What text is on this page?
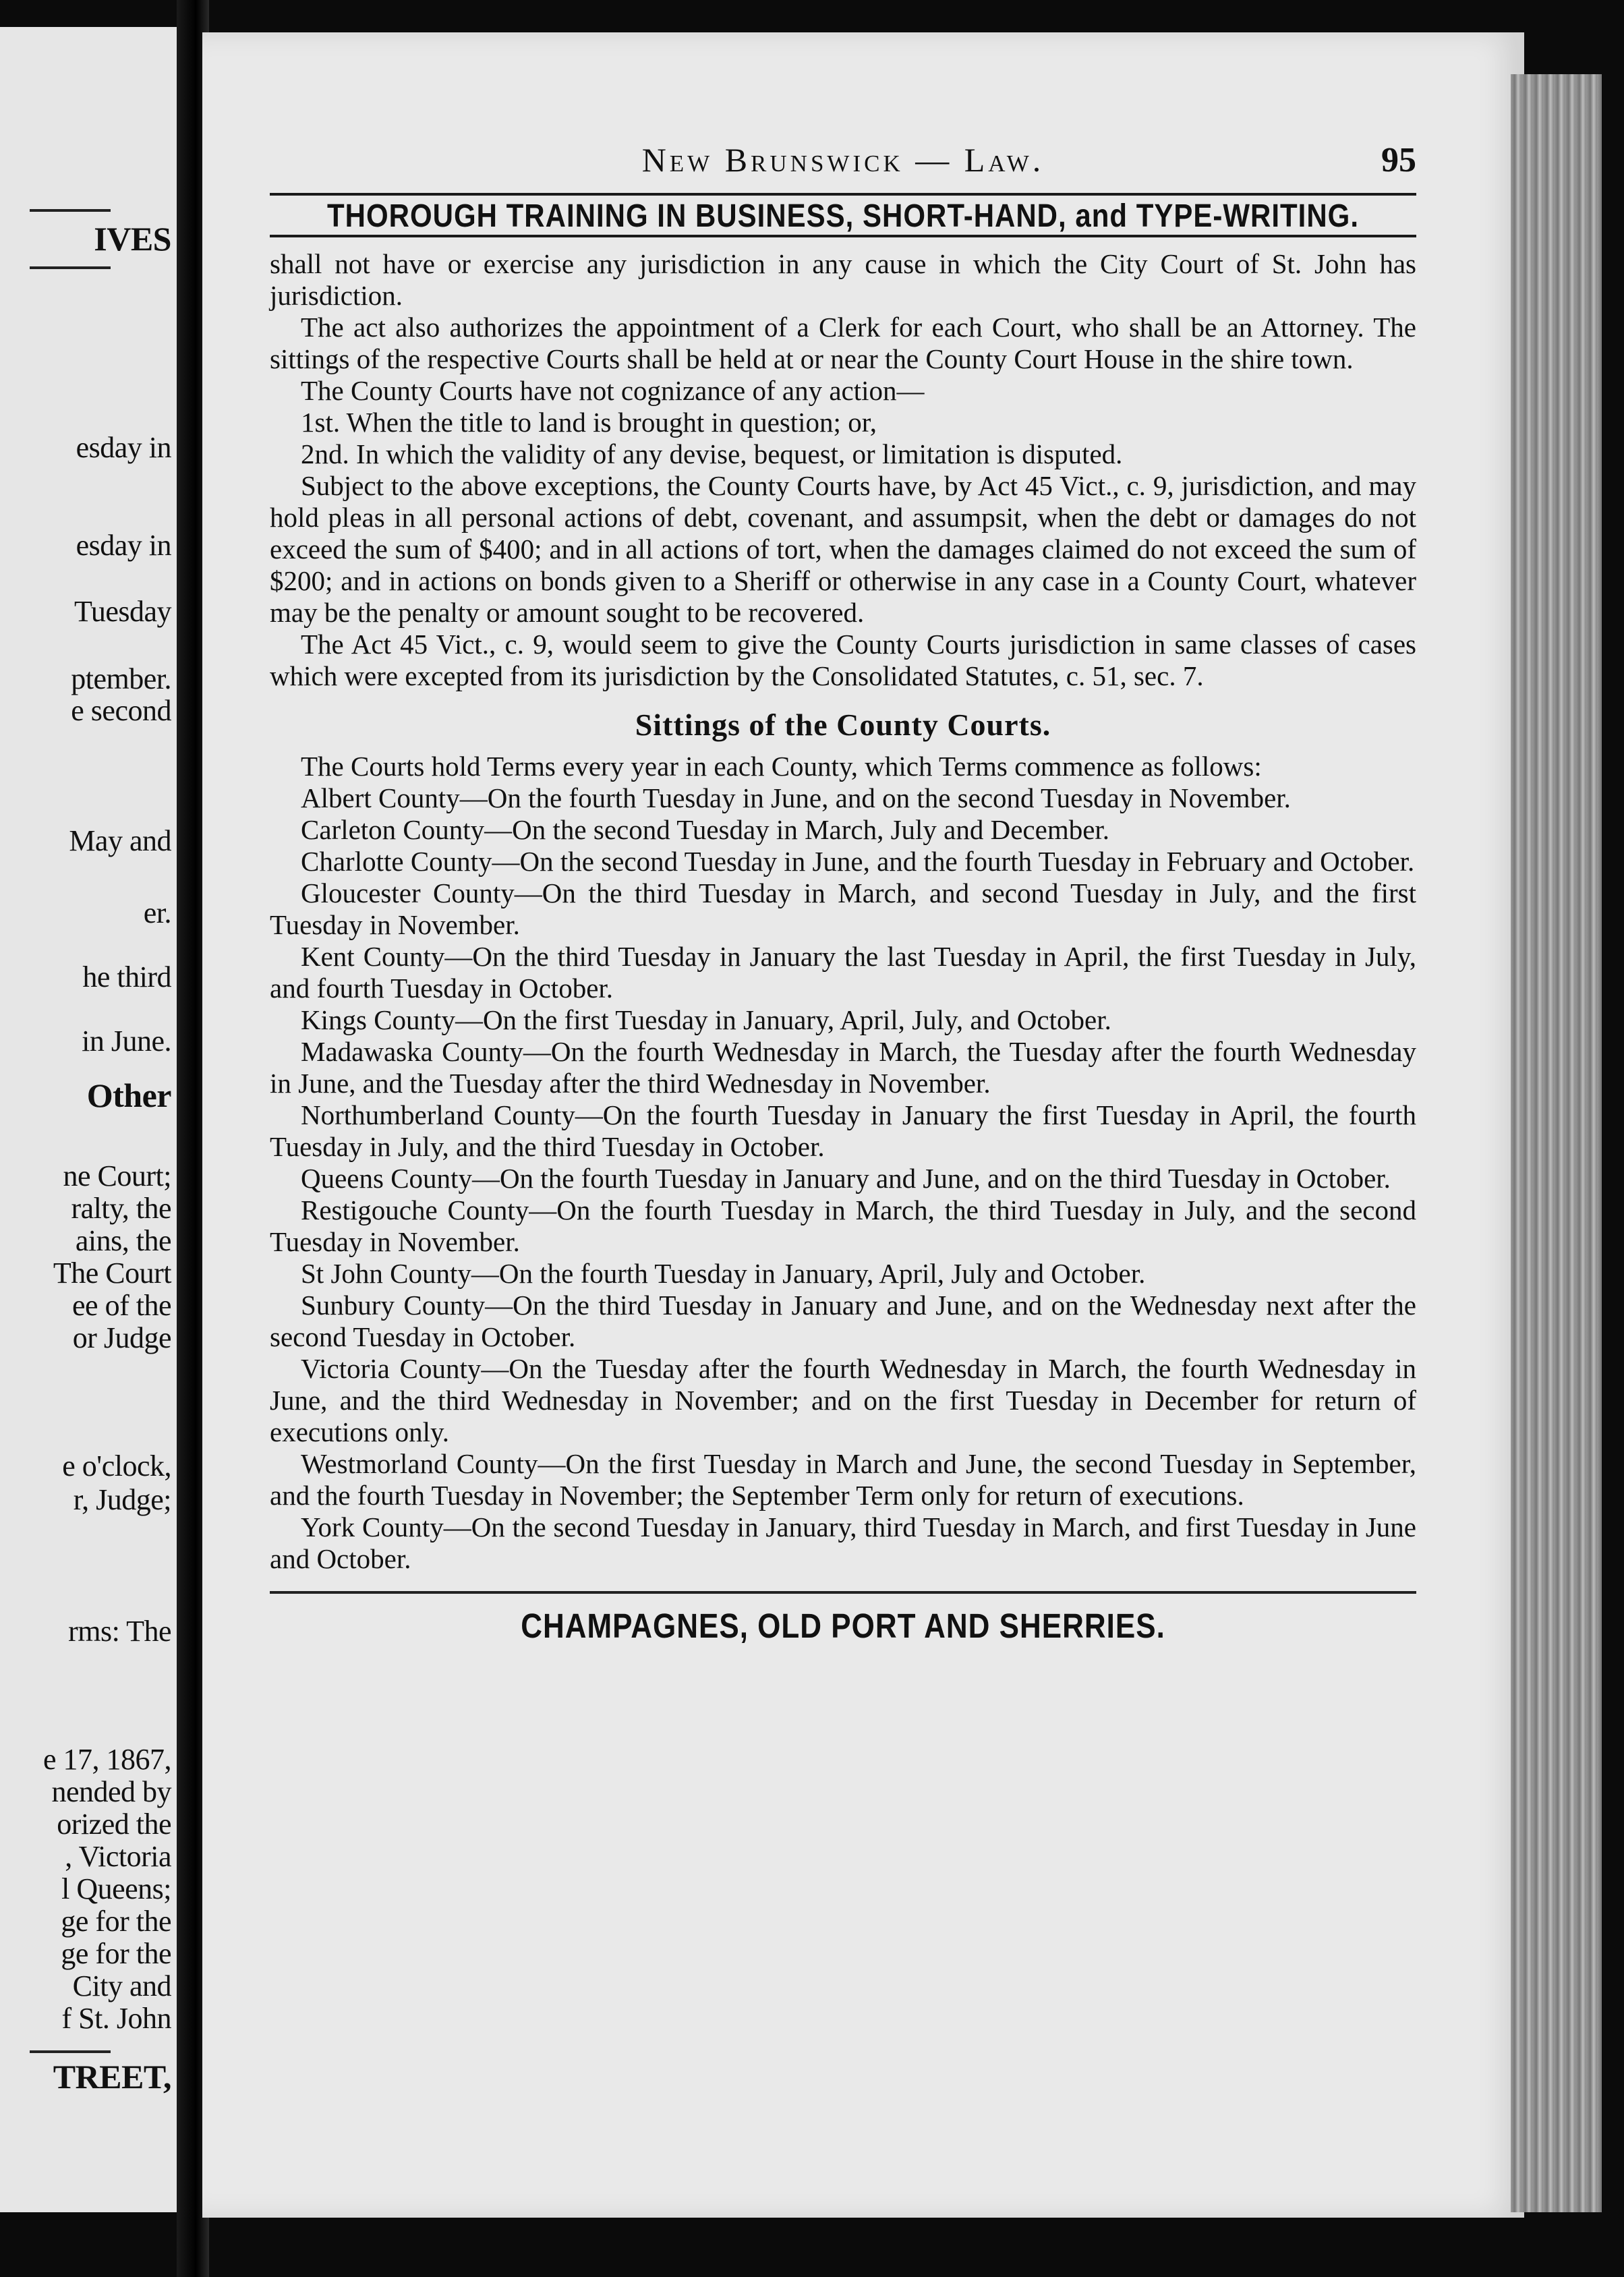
IVES
esday in
esday in
Tuesday
ptember.
e second
May and
er.
he third
in June.
Other
ne Court;
ralty, the
ains, the
The Court
ee of the
or Judge
e o'clock,
r, Judge;
rms: The
e 17, 1867,
nended by
orized the
, Victoria
l Queens;
ge for the
ge for the
City and
f St. John
TREET,
New Brunswick — Law.	95
THOROUGH TRAINING IN BUSINESS, SHORT-HAND, and TYPE-WRITING.

shall not have or exercise any jurisdiction in any cause in which the City Court of St. John has jurisdiction.

The act also authorizes the appointment of a Clerk for each Court, who shall be an Attorney. The sittings of the respective Courts shall be held at or near the County Court House in the shire town.

The County Courts have not cognizance of any action—

1st. When the title to land is brought in question; or,

2nd. In which the validity of any devise, bequest, or limitation is disputed.

Subject to the above exceptions, the County Courts have, by Act 45 Vict., c. 9, jurisdiction, and may hold pleas in all personal actions of debt, covenant, and assumpsit, when the debt or damages do not exceed the sum of $400; and in all actions of tort, when the damages claimed do not exceed the sum of $200; and in actions on bonds given to a Sheriff or otherwise in any case in a County Court, whatever may be the penalty or amount sought to be recovered.

The Act 45 Vict., c. 9, would seem to give the County Courts jurisdiction in same classes of cases which were excepted from its jurisdiction by the Consolidated Statutes, c. 51, sec. 7.

Sittings of the County Courts.

The Courts hold Terms every year in each County, which Terms commence as follows:

Albert County—On the fourth Tuesday in June, and on the second Tuesday in November.

Carleton County—On the second Tuesday in March, July and December.

Charlotte County—On the second Tuesday in June, and the fourth Tuesday in February and October.

Gloucester County—On the third Tuesday in March, and second Tuesday in July, and the first Tuesday in November.

Kent County—On the third Tuesday in January the last Tuesday in April, the first Tuesday in July, and fourth Tuesday in October.

Kings County—On the first Tuesday in January, April, July, and October.

Madawaska County—On the fourth Wednesday in March, the Tuesday after the fourth Wednesday in June, and the Tuesday after the third Wednesday in November.

Northumberland County—On the fourth Tuesday in January the first Tuesday in April, the fourth Tuesday in July, and the third Tuesday in October.

Queens County—On the fourth Tuesday in January and June, and on the third Tuesday in October.

Restigouche County—On the fourth Tuesday in March, the third Tuesday in July, and the second Tuesday in November.

St John County—On the fourth Tuesday in January, April, July and October.

Sunbury County—On the third Tuesday in January and June, and on the Wednesday next after the second Tuesday in October.

Victoria County—On the Tuesday after the fourth Wednesday in March, the fourth Wednesday in June, and the third Wednesday in November; and on the first Tuesday in December for return of executions only.

Westmorland County—On the first Tuesday in March and June, the second Tuesday in September, and the fourth Tuesday in November; the September Term only for return of executions.

York County—On the second Tuesday in January, third Tuesday in March, and first Tuesday in June and October.

CHAMPAGNES, OLD PORT AND SHERRIES.
